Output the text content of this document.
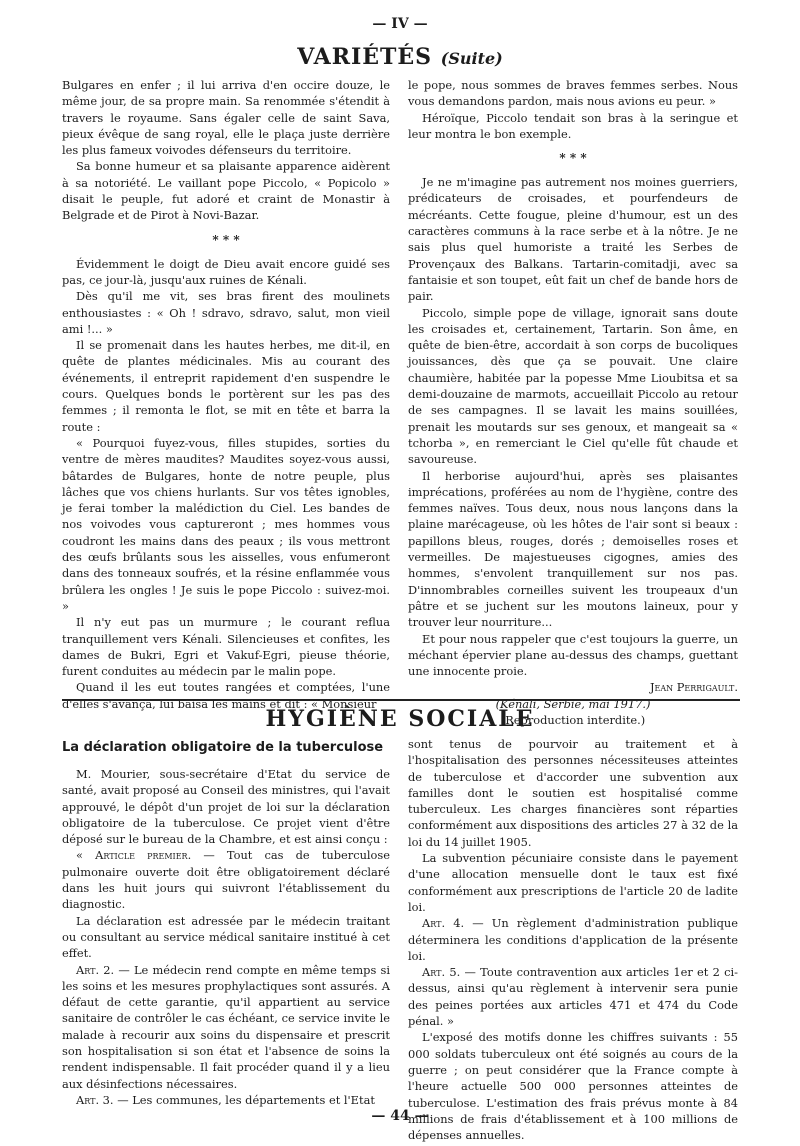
— IV —
VARIÉTÉS (Suite)

Bulgares en enfer ; il lui arriva d'en occire douze, le même jour, de sa propre main. Sa renommée s'étendit à travers le royaume. Sans égaler celle de saint Sava, pieux évêque de sang royal, elle le plaça juste derrière les plus fameux voivodes défenseurs du territoire.

Sa bonne humeur et sa plaisante apparence aidèrent à sa notoriété. Le vaillant pope Piccolo, « Popicolo » disait le peuple, fut adoré et craint de Monastir à Belgrade et de Pirot à Novi-Bazar.

* * *

Évidemment le doigt de Dieu avait encore guidé ses pas, ce jour-là, jusqu'aux ruines de Kénali.

Dès qu'il me vit, ses bras firent des moulinets enthousiastes : « Oh ! sdravo, sdravo, salut, mon vieil ami !... »

Il se promenait dans les hautes herbes, me dit-il, en quête de plantes médicinales. Mis au courant des événements, il entreprit rapidement d'en suspendre le cours. Quelques bonds le portèrent sur les pas des femmes ; il remonta le flot, se mit en tête et barra la route :

« Pourquoi fuyez-vous, filles stupides, sorties du ventre de mères maudites? Maudites soyez-vous aussi, bâtardes de Bulgares, honte de notre peuple, plus lâches que vos chiens hurlants. Sur vos têtes ignobles, je ferai tomber la malédiction du Ciel. Les bandes de nos voivodes vous captureront ; mes hommes vous coudront les mains dans des peaux ; ils vous mettront des œufs brûlants sous les aisselles, vous enfumeront dans des tonneaux soufrés, et la résine enflammée vous brûlera les ongles ! Je suis le pope Piccolo : suivez-moi. »

Il n'y eut pas un murmure ; le courant reflua tranquillement vers Kénali. Silencieuses et confites, les dames de Bukri, Egri et Vakuf-Egri, pieuse théorie, furent conduites au médecin par le malin pope.

Quand il les eut toutes rangées et comptées, l'une d'elles s'avança, lui baisa les mains et dit : « Monsieur

le pope, nous sommes de braves femmes serbes. Nous vous demandons pardon, mais nous avions eu peur. »

Héroïque, Piccolo tendait son bras à la seringue et leur montra le bon exemple.

* * *

Je ne m'imagine pas autrement nos moines guerriers, prédicateurs de croisades, et pourfendeurs de mécréants. Cette fougue, pleine d'humour, est un des caractères communs à la race serbe et à la nôtre. Je ne sais plus quel humoriste a traité les Serbes de Provençaux des Balkans. Tartarin-comitadji, avec sa fantaisie et son toupet, eût fait un chef de bande hors de pair.

Piccolo, simple pope de village, ignorait sans doute les croisades et, certainement, Tartarin. Son âme, en quête de bien-être, accordait à son corps de bucoliques jouissances, dès que ça se pouvait. Une claire chaumière, habitée par la popesse Mme Lioubitsa et sa demi-douzaine de marmots, accueillait Piccolo au retour de ses campagnes. Il se lavait les mains souillées, prenait les moutards sur ses genoux, et mangeait sa « tchorba », en remerciant le Ciel qu'elle fût chaude et savoureuse.

Il herborise aujourd'hui, après ses plaisantes imprécations, proférées au nom de l'hygiène, contre des femmes naïves. Tous deux, nous nous lançons dans la plaine marécageuse, où les hôtes de l'air sont si beaux : papillons bleus, rouges, dorés ; demoiselles roses et vermeilles. De majestueuses cigognes, amies des hommes, s'envolent tranquillement sur nos pas. D'innombrables corneilles suivent les troupeaux d'un pâtre et se juchent sur les moutons laineux, pour y trouver leur nourriture...

Et pour nous rappeler que c'est toujours la guerre, un méchant épervier plane au-dessus des champs, guettant une innocente proie.

Jean Perrigault.
(Kénali, Serbie, mai 1917.)
(Reproduction interdite.)
HYGIÈNE SOCIALE
La déclaration obligatoire de la tuberculose

M. Mourier, sous-secrétaire d'Etat du service de santé, avait proposé au Conseil des ministres, qui l'avait approuvé, le dépôt d'un projet de loi sur la déclaration obligatoire de la tuberculose. Ce projet vient d'être déposé sur le bureau de la Chambre, et est ainsi conçu :

« Article premier. — Tout cas de tuberculose pulmonaire ouverte doit être obligatoirement déclaré dans les huit jours qui suivront l'établissement du diagnostic.

La déclaration est adressée par le médecin traitant ou consultant au service médical sanitaire institué à cet effet.

Art. 2. — Le médecin rend compte en même temps si les soins et les mesures prophylactiques sont assurés. A défaut de cette garantie, qu'il appartient au service sanitaire de contrôler le cas échéant, ce service invite le malade à recourir aux soins du dispensaire et prescrit son hospitalisation si son état et l'absence de soins la rendent indispensable. Il fait procéder quand il y a lieu aux désinfections nécessaires.

Art. 3. — Les communes, les départements et l'Etat

sont tenus de pourvoir au traitement et à l'hospitalisation des personnes nécessiteuses atteintes de tuberculose et d'accorder une subvention aux familles dont le soutien est hospitalisé comme tuberculeux. Les charges financières sont réparties conformément aux dispositions des articles 27 à 32 de la loi du 14 juillet 1905.

La subvention pécuniaire consiste dans le payement d'une allocation mensuelle dont le taux est fixé conformément aux prescriptions de l'article 20 de ladite loi.

Art. 4. — Un règlement d'administration publique déterminera les conditions d'application de la présente loi.

Art. 5. — Toute contravention aux articles 1er et 2 ci-dessus, ainsi qu'au règlement à intervenir sera punie des peines portées aux articles 471 et 474 du Code pénal. »

L'exposé des motifs donne les chiffres suivants : 55 000 soldats tuberculeux ont été soignés au cours de la guerre ; on peut considérer que la France compte à l'heure actuelle 500 000 personnes atteintes de tuberculose. L'estimation des frais prévus monte à 84 millions de frais d'établissement et à 100 millions de dépenses annuelles.

— 44 —
